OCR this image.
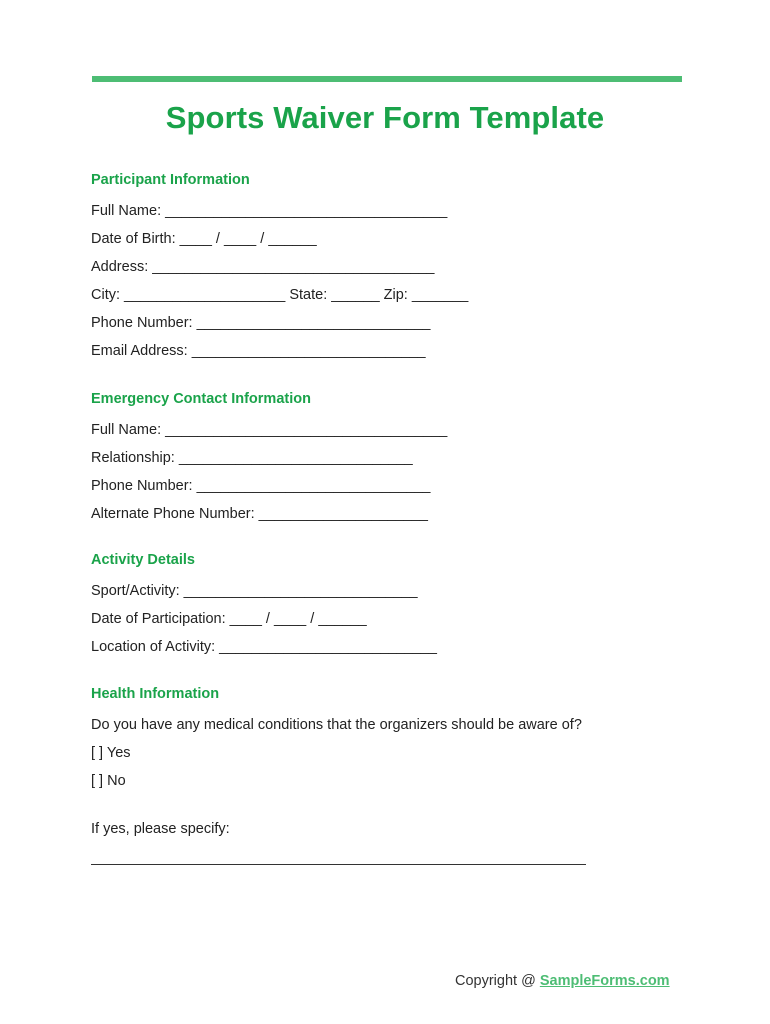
Sports Waiver Form Template
Participant Information
Full Name: ___________________________________
Date of Birth: ____ / ____ / ______
Address: ___________________________________
City: ____________________ State: ______ Zip: _______
Phone Number: _____________________________
Email Address: _____________________________
Emergency Contact Information
Full Name: ___________________________________
Relationship: _____________________________
Phone Number: _____________________________
Alternate Phone Number: _____________________
Activity Details
Sport/Activity: _____________________________
Date of Participation: ____ / ____ / ______
Location of Activity: ___________________________
Health Information
Do you have any medical conditions that the organizers should be aware of?
[ ] Yes
[ ] No
If yes, please specify:
Copyright @ SampleForms.com
